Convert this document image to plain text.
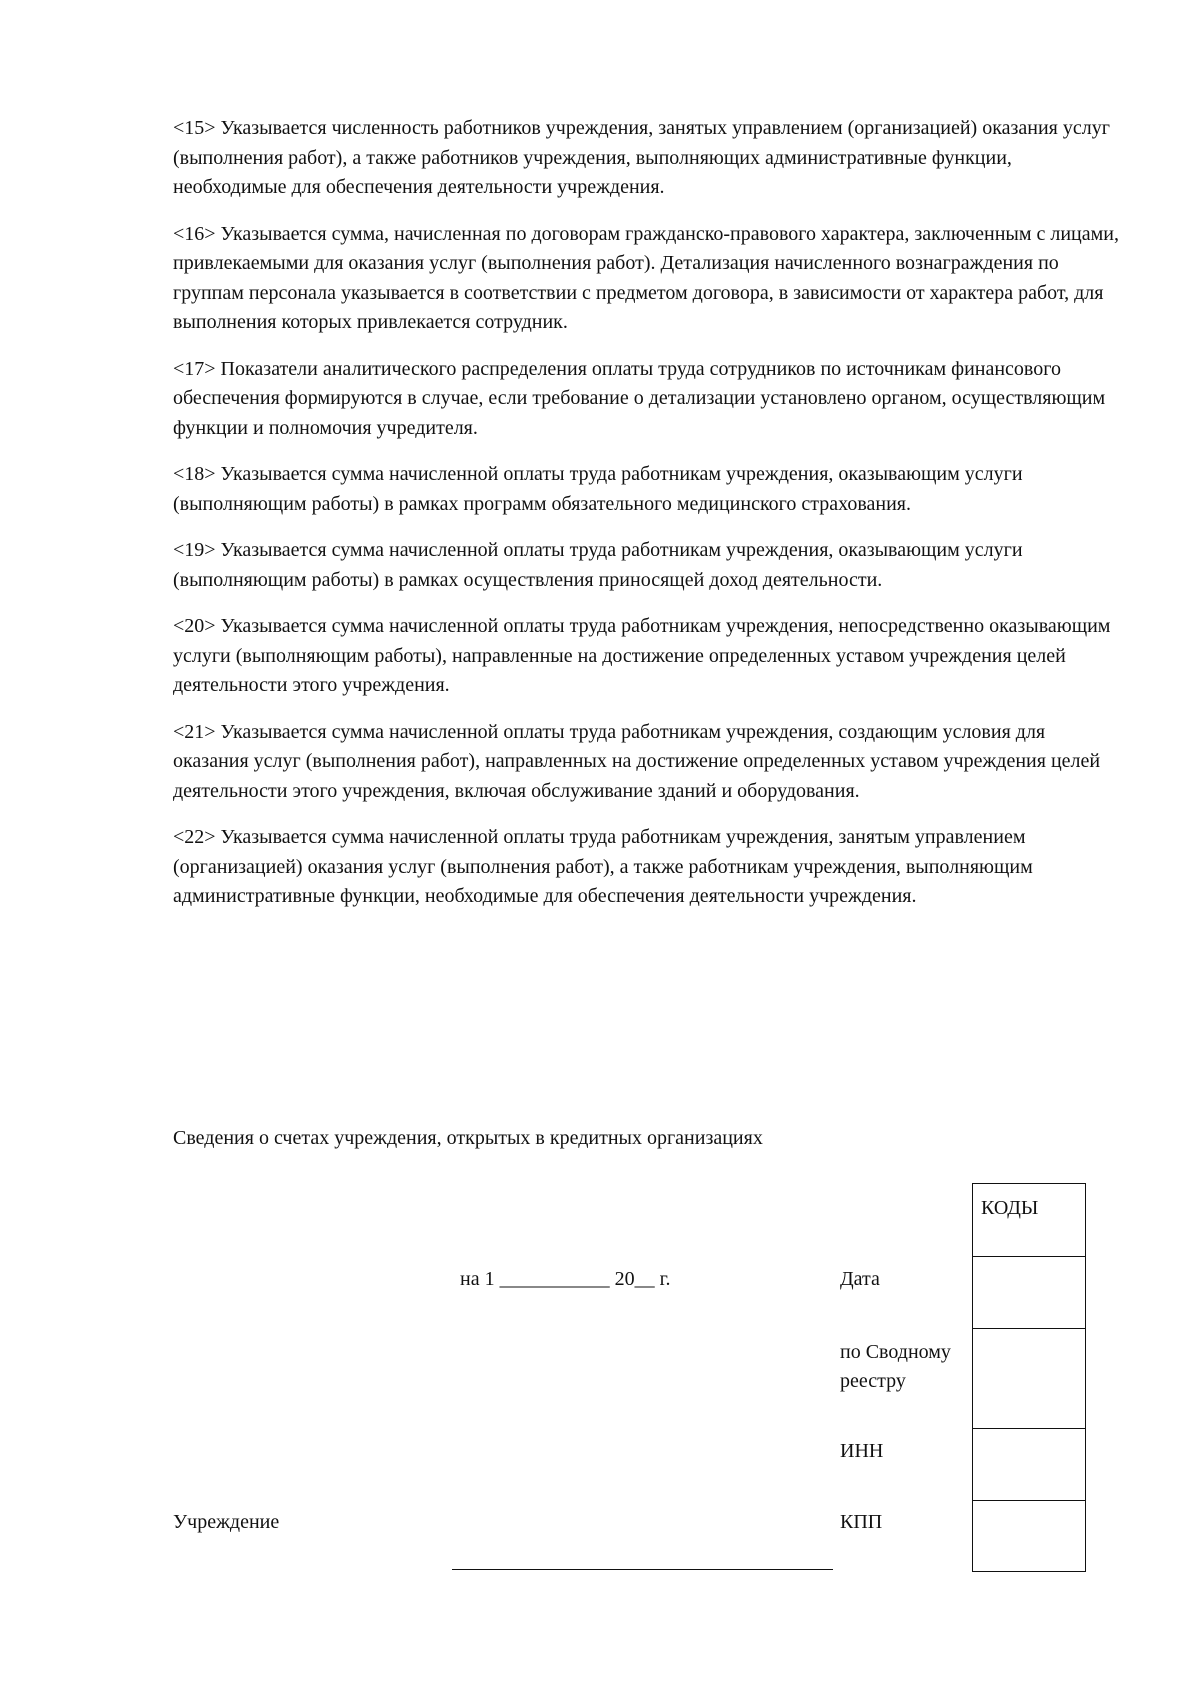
<15> Указывается численность работников учреждения, занятых управлением (организацией) оказания услуг (выполнения работ), а также работников учреждения, выполняющих административные функции, необходимые для обеспечения деятельности учреждения.

<16> Указывается сумма, начисленная по договорам гражданско-правового характера, заключенным с лицами, привлекаемыми для оказания услуг (выполнения работ). Детализация начисленного вознаграждения по группам персонала указывается в соответствии с предметом договора, в зависимости от характера работ, для выполнения которых привлекается сотрудник.

<17> Показатели аналитического распределения оплаты труда сотрудников по источникам финансового обеспечения формируются в случае, если требование о детализации установлено органом, осуществляющим функции и полномочия учредителя.

<18> Указывается сумма начисленной оплаты труда работникам учреждения, оказывающим услуги (выполняющим работы) в рамках программ обязательного медицинского страхования.

<19> Указывается сумма начисленной оплаты труда работникам учреждения, оказывающим услуги (выполняющим работы) в рамках осуществления приносящей доход деятельности.

<20> Указывается сумма начисленной оплаты труда работникам учреждения, непосредственно оказывающим услуги (выполняющим работы), направленные на достижение определенных уставом учреждения целей деятельности этого учреждения.

<21> Указывается сумма начисленной оплаты труда работникам учреждения, создающим условия для оказания услуг (выполнения работ), направленных на достижение определенных уставом учреждения целей деятельности этого учреждения, включая обслуживание зданий и оборудования.

<22> Указывается сумма начисленной оплаты труда работникам учреждения, занятым управлением (организацией) оказания услуг (выполнения работ), а также работникам учреждения, выполняющим административные функции, необходимые для обеспечения деятельности учреждения.

Сведения о счетах учреждения, открытых в кредитных организациях
на 1 ___________ 20__ г.	Дата
по Сводному
реестру
ИНН
КПП
Учреждение
КОДЫ
